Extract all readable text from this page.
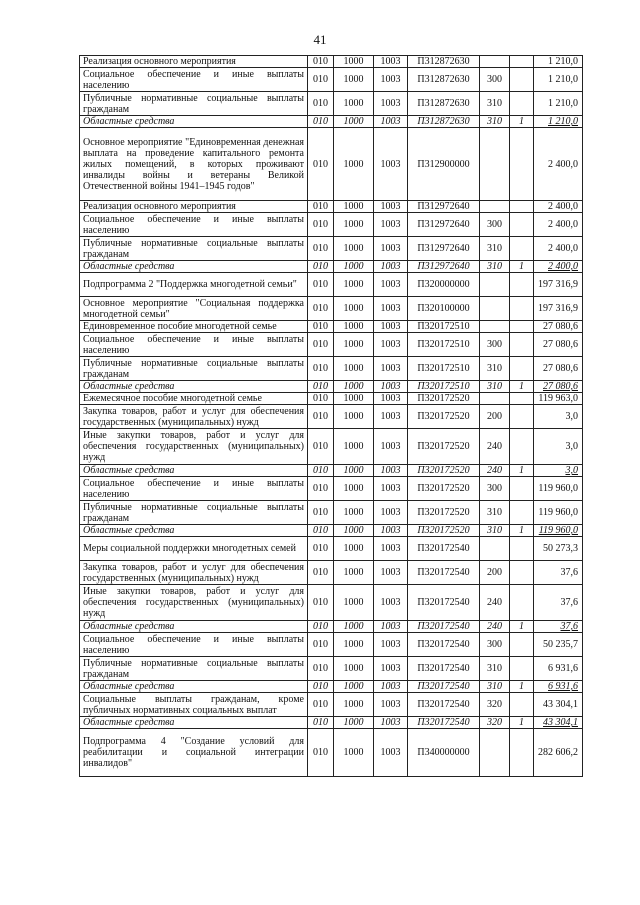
41
Реализация основного мероприятия	010	1000	1003	П312872630			1 210,0
Социальное обеспечение и иные выплаты населению	010	1000	1003	П312872630	300		1 210,0
Публичные нормативные социальные выплаты гражданам	010	1000	1003	П312872630	310		1 210,0
Областные средства	010	1000	1003	П312872630	310	1	1 210,0
Основное мероприятие "Единовременная денежная выплата на проведение капитального ремонта жилых помещений, в которых проживают инвалиды войны и ветераны Великой Отечественной войны 1941–1945 годов"	010	1000	1003	П312900000			2 400,0
Реализация основного мероприятия	010	1000	1003	П312972640			2 400,0
Социальное обеспечение и иные выплаты населению	010	1000	1003	П312972640	300		2 400,0
Публичные нормативные социальные выплаты гражданам	010	1000	1003	П312972640	310		2 400,0
Областные средства	010	1000	1003	П312972640	310	1	2 400,0
Подпрограмма 2 "Поддержка многодетной семьи"	010	1000	1003	П320000000			197 316,9
Основное мероприятие "Социальная поддержка многодетной семьи"	010	1000	1003	П320100000			197 316,9
Единовременное пособие многодетной семье	010	1000	1003	П320172510			27 080,6
Социальное обеспечение и иные выплаты населению	010	1000	1003	П320172510	300		27 080,6
Публичные нормативные социальные выплаты гражданам	010	1000	1003	П320172510	310		27 080,6
Областные средства	010	1000	1003	П320172510	310	1	27 080,6
Ежемесячное пособие многодетной семье	010	1000	1003	П320172520			119 963,0
Закупка товаров, работ и услуг для обеспечения государственных (муниципальных) нужд	010	1000	1003	П320172520	200		3,0
Иные закупки товаров, работ и услуг для обеспечения государственных (муниципальных) нужд	010	1000	1003	П320172520	240		3,0
Областные средства	010	1000	1003	П320172520	240	1	3,0
Социальное обеспечение и иные выплаты населению	010	1000	1003	П320172520	300		119 960,0
Публичные нормативные социальные выплаты гражданам	010	1000	1003	П320172520	310		119 960,0
Областные средства	010	1000	1003	П320172520	310	1	119 960,0
Меры социальной поддержки многодетных семей	010	1000	1003	П320172540			50 273,3
Закупка товаров, работ и услуг для обеспечения государственных (муниципальных) нужд	010	1000	1003	П320172540	200		37,6
Иные закупки товаров, работ и услуг для обеспечения государственных (муниципальных) нужд	010	1000	1003	П320172540	240		37,6
Областные средства	010	1000	1003	П320172540	240	1	37,6
Социальное обеспечение и иные выплаты населению	010	1000	1003	П320172540	300		50 235,7
Публичные нормативные социальные выплаты гражданам	010	1000	1003	П320172540	310		6 931,6
Областные средства	010	1000	1003	П320172540	310	1	6 931,6
Социальные выплаты гражданам, кроме публичных нормативных социальных выплат	010	1000	1003	П320172540	320		43 304,1
Областные средства	010	1000	1003	П320172540	320	1	43 304,1
Подпрограмма 4 "Создание условий для реабилитации и социальной интеграции инвалидов"	010	1000	1003	П340000000			282 606,2
